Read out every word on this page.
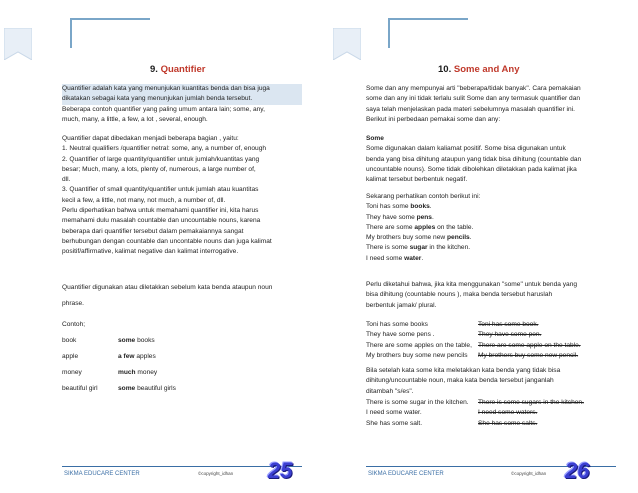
9. Quantifier
Quantifier adalah kata yang menunjukan kuantitas benda dan bisa juga
dikatakan sebagai kata yang menunjukan jumlah benda tersebut.
Beberapa contoh quantifier yang paling umum antara lain; some, any,
much, many, a little, a few, a lot , several, enough.
Quantifier dapat dibedakan menjadi beberapa bagian , yaitu:
1. Neutral qualifiers /quantifier netral: some, any, a number of, enough
2. Quantifier of large quantity/quantifier untuk jumlah/kuantitas yang
besar; Much, many, a lots, plenty of, numerous, a large number of,
dll.
3. Quantifier of small quantity/quantifier untuk jumlah atau kuantitas
kecil a few, a little, not many, not much, a number of, dll.
Perlu diperhatikan bahwa untuk memahami quantifier ini, kita harus
memahami dulu masalah countable dan uncountable nouns, karena
beberapa dari quantifier tersebut dalam pemakaiannya sangat
berhubungan dengan countable dan uncontable nouns dan juga kalimat
positif/affirmative, kalimat negative dan kalimat interrogative.
Quantifier digunakan atau diletakkan sebelum kata benda ataupun noun
phrase.
Contoh;
book	some books
apple	a few apples
money	much money
beautiful girl	some beautiful girls
SIKMA EDUCARE CENTER	©copyright_idhan 25
10. Some and Any
Some dan any mempunyai arti "beberapa/tidak banyak". Cara pemakaian
some dan any ini tidak terlalu sulit Some dan any termasuk quantifier dan
saya telah menjelaskan pada materi sebelumnya masalah quantifier ini.
Berikut ini perbedaan pemakai some dan any:
Some
Some digunakan dalam kaliamat positif. Some bisa digunakan untuk
benda yang bisa dihitung ataupun yang tidak bisa dihitung (countable dan
uncountable nouns). Some tidak dibolehkan diletakkan pada kalimat jika
kalimat tersebut berbentuk negatif.
Sekarang perhatikan contoh berikut ini:
Toni has some books.
They have some pens.
There are some apples on the table.
My brothers buy some new pencils.
There is some sugar in the kitchen.
I need some water.
Perlu diketahui bahwa, jika kita menggunakan "some" untuk benda yang
bisa dihitung (countable nouns ), maka benda tersebut haruslah
berbentuk jamak/ plural.
Toni has some books	Toni has some book.
They have some pens .	They have some pen.
There are some apples on the table, There are some apple on the table.
My brothers buy some new pencils My brothers buy some new pencil.
Bila setelah kata some kita meletakkan kata benda yang tidak bisa
dihitung/uncountable noun, maka kata benda tersebut janganlah
ditambah "s/es".
There is some sugar in the kitchen. There is some sugars in the kitchen.
I need some water.	I need some waters.
She has some salt.	She has some salts.
SIKMA EDUCARE CENTER	©copyright_idhan 26
